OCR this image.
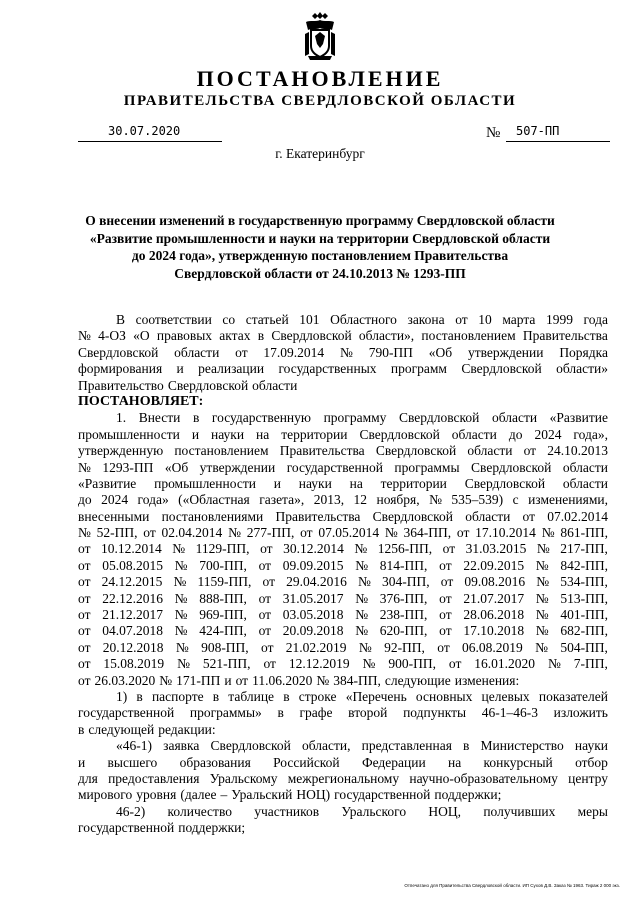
ПОСТАНОВЛЕНИЕ
ПРАВИТЕЛЬСТВА СВЕРДЛОВСКОЙ ОБЛАСТИ
30.07.2020	№ 507-ПП
г. Екатеринбург
О внесении изменений в государственную программу Свердловской области
«Развитие промышленности и науки на территории Свердловской области
до 2024 года», утвержденную постановлением Правительства
Свердловской области от 24.10.2013 № 1293-ПП
В соответствии со статьей 101 Областного закона от 10 марта 1999 года
№ 4-ОЗ «О правовых актах в Свердловской области», постановлением Правительства
Свердловской области от 17.09.2014 № 790-ПП «Об утверждении Порядка
формирования и реализации государственных программ Свердловской области»
Правительство Свердловской области
ПОСТАНОВЛЯЕТ:
1. Внести в государственную программу Свердловской области «Развитие
промышленности и науки на территории Свердловской области до 2024 года»,
утвержденную постановлением Правительства Свердловской области от 24.10.2013
№ 1293-ПП «Об утверждении государственной программы Свердловской области
«Развитие промышленности и науки на территории Свердловской области
до 2024 года» («Областная газета», 2013, 12 ноября, № 535–539) с изменениями,
внесенными постановлениями Правительства Свердловской области от 07.02.2014
№ 52-ПП, от 02.04.2014 № 277-ПП, от 07.05.2014 № 364-ПП, от 17.10.2014 № 861-ПП,
от 10.12.2014 № 1129-ПП, от 30.12.2014 № 1256-ПП, от 31.03.2015 № 217-ПП,
от 05.08.2015 № 700-ПП, от 09.09.2015 № 814-ПП, от 22.09.2015 № 842-ПП,
от 24.12.2015 № 1159-ПП, от 29.04.2016 № 304-ПП, от 09.08.2016 № 534-ПП,
от 22.12.2016 № 888-ПП, от 31.05.2017 № 376-ПП, от 21.07.2017 № 513-ПП,
от 21.12.2017 № 969-ПП, от 03.05.2018 № 238-ПП, от 28.06.2018 № 401-ПП,
от 04.07.2018 № 424-ПП, от 20.09.2018 № 620-ПП, от 17.10.2018 № 682-ПП,
от 20.12.2018 № 908-ПП, от 21.02.2019 № 92-ПП, от 06.08.2019 № 504-ПП,
от 15.08.2019 № 521-ПП, от 12.12.2019 № 900-ПП, от 16.01.2020 № 7-ПП,
от 26.03.2020 № 171-ПП и от 11.06.2020 № 384-ПП, следующие изменения:
1) в паспорте в таблице в строке «Перечень основных целевых показателей
государственной программы» в графе второй подпункты 46-1–46-3 изложить
в следующей редакции:
«46-1) заявка Свердловской области, представленная в Министерство науки
и высшего образования Российской Федерации на конкурсный отбор
для предоставления Уральскому межрегиональному научно-образовательному центру
мирового уровня (далее – Уральский НОЦ) государственной поддержки;
46-2) количество участников Уральского НОЦ, получивших меры
государственной поддержки;
Отпечатано для Правительства Свердловской области. ИП Сухов Д.В. Заказ № 1963. Тираж 2 000 экз.
